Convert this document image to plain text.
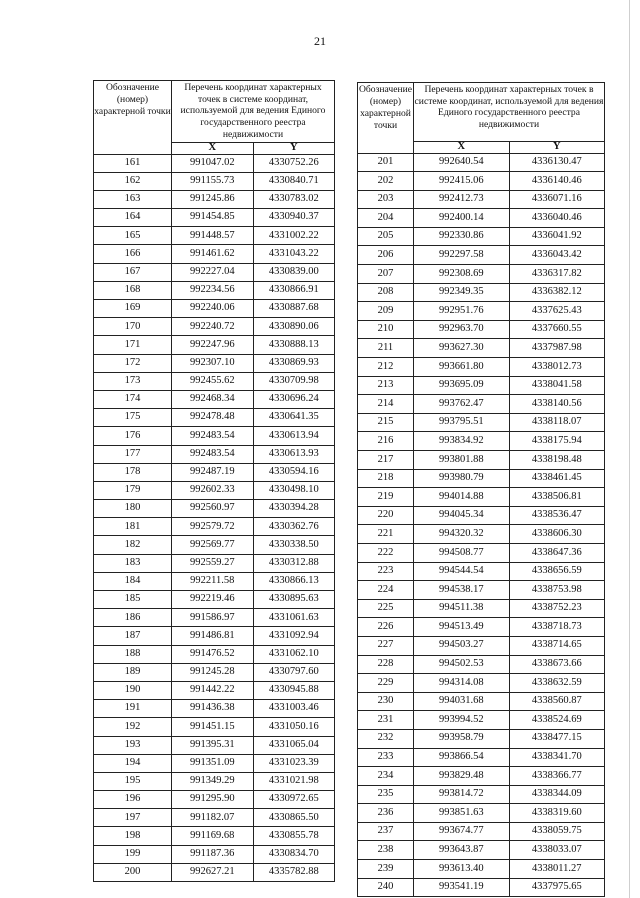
21
Обозначение (номер) характерной точки	Перечень координат характерных точек в системе координат, используемой для ведения Единого государственного реестра недвижимости	
	X	Y
161	991047.02	4330752.26
162	991155.73	4330840.71
163	991245.86	4330783.02
164	991454.85	4330940.37
165	991448.57	4331002.22
166	991461.62	4331043.22
167	992227.04	4330839.00
168	992234.56	4330866.91
169	992240.06	4330887.68
170	992240.72	4330890.06
171	992247.96	4330888.13
172	992307.10	4330869.93
173	992455.62	4330709.98
174	992468.34	4330696.24
175	992478.48	4330641.35
176	992483.54	4330613.94
177	992483.54	4330613.93
178	992487.19	4330594.16
179	992602.33	4330498.10
180	992560.97	4330394.28
181	992579.72	4330362.76
182	992569.77	4330338.50
183	992559.27	4330312.88
184	992211.58	4330866.13
185	992219.46	4330895.63
186	991586.97	4331061.63
187	991486.81	4331092.94
188	991476.52	4331062.10
189	991245.28	4330797.60
190	991442.22	4330945.88
191	991436.38	4331003.46
192	991451.15	4331050.16
193	991395.31	4331065.04
194	991351.09	4331023.39
195	991349.29	4331021.98
196	991295.90	4330972.65
197	991182.07	4330865.50
198	991169.68	4330855.78
199	991187.36	4330834.70
200	992627.21	4335782.88
Обозначение (номер) характерной точки	Перечень координат характерных точек в системе координат, используемой для ведения Единого государственного реестра недвижимости	
	X	Y
201	992640.54	4336130.47
202	992415.06	4336140.46
203	992412.73	4336071.16
204	992400.14	4336040.46
205	992330.86	4336041.92
206	992297.58	4336043.42
207	992308.69	4336317.82
208	992349.35	4336382.12
209	992951.76	4337625.43
210	992963.70	4337660.55
211	993627.30	4337987.98
212	993661.80	4338012.73
213	993695.09	4338041.58
214	993762.47	4338140.56
215	993795.51	4338118.07
216	993834.92	4338175.94
217	993801.88	4338198.48
218	993980.79	4338461.45
219	994014.88	4338506.81
220	994045.34	4338536.47
221	994320.32	4338606.30
222	994508.77	4338647.36
223	994544.54	4338656.59
224	994538.17	4338753.98
225	994511.38	4338752.23
226	994513.49	4338718.73
227	994503.27	4338714.65
228	994502.53	4338673.66
229	994314.08	4338632.59
230	994031.68	4338560.87
231	993994.52	4338524.69
232	993958.79	4338477.15
233	993866.54	4338341.70
234	993829.48	4338366.77
235	993814.72	4338344.09
236	993851.63	4338319.60
237	993674.77	4338059.75
238	993643.87	4338033.07
239	993613.40	4338011.27
240	993541.19	4337975.65
